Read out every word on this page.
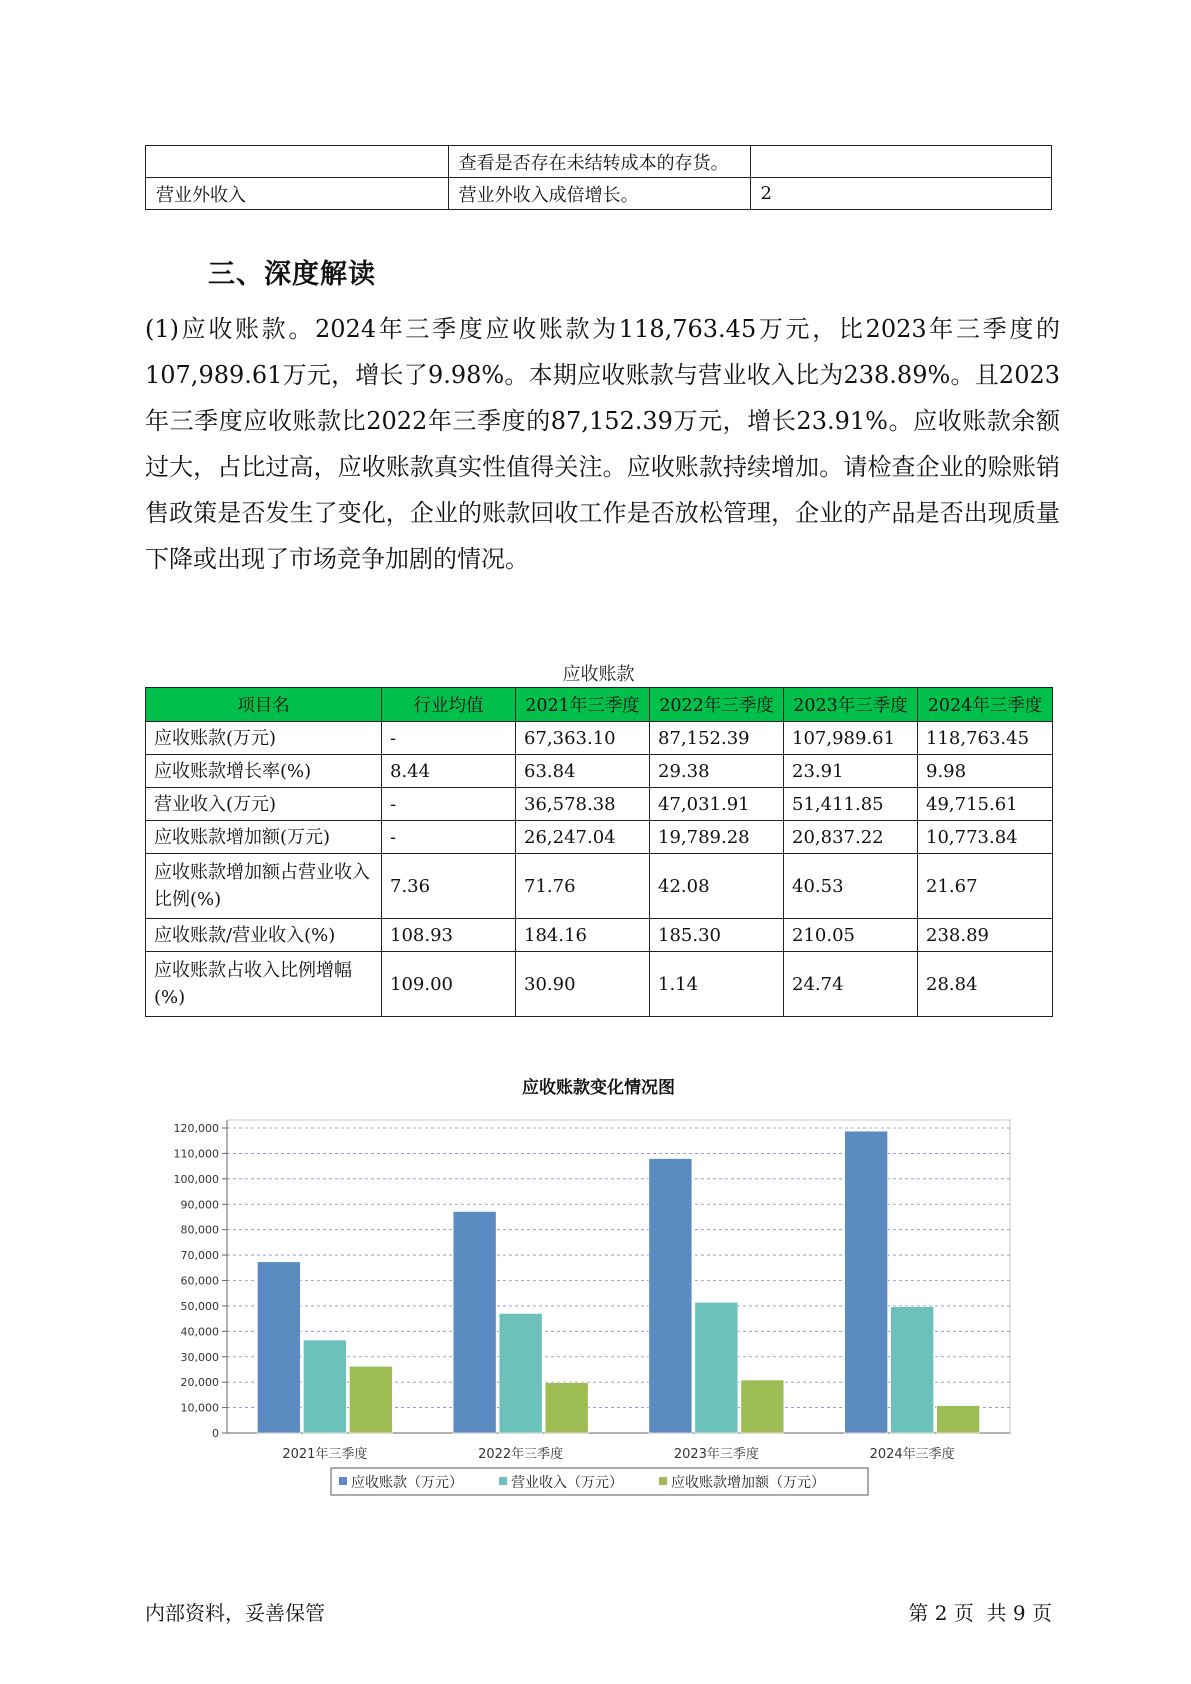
	查看是否存在未结转成本的存货。	
营业外收入	营业外收入成倍增长。	2
三、深度解读

(1)应收账款。2024年三季度应收账款为118,763.45万元，比2023年三季度的107,989.61万元，增长了9.98%。本期应收账款与营业收入比为238.89%。且2023年三季度应收账款比2022年三季度的87,152.39万元，增长23.91%。应收账款余额过大，占比过高，应收账款真实性值得关注。应收账款持续增加。请检查企业的赊账销售政策是否发生了变化，企业的账款回收工作是否放松管理，企业的产品是否出现质量下降或出现了市场竞争加剧的情况。

应收账款
项目名	行业均值	2021年三季度	2022年三季度	2023年三季度	2024年三季度
应收账款(万元)	-	67,363.10	87,152.39	107,989.61	118,763.45
应收账款增长率(%)	8.44	63.84	29.38	23.91	9.98
营业收入(万元)	-	36,578.38	47,031.91	51,411.85	49,715.61
应收账款增加额(万元)	-	26,247.04	19,789.28	20,837.22	10,773.84
应收账款增加额占营业收入比例(%)	7.36	71.76	42.08	40.53	21.67
应收账款/营业收入(%)	108.93	184.16	185.30	210.05	238.89
应收账款占收入比例增幅(%)	109.00	30.90	1.14	24.74	28.84
应收账款变化情况图
0
10,000
20,000
30,000
40,000
50,000
60,000
70,000
80,000
90,000
100,000
110,000
120,000
2021年三季度	2022年三季度	2023年三季度	2024年三季度
应收账款（万元）	营业收入（万元）	应收账款增加额（万元）
内部资料，妥善保管	第 2 页  共 9 页
